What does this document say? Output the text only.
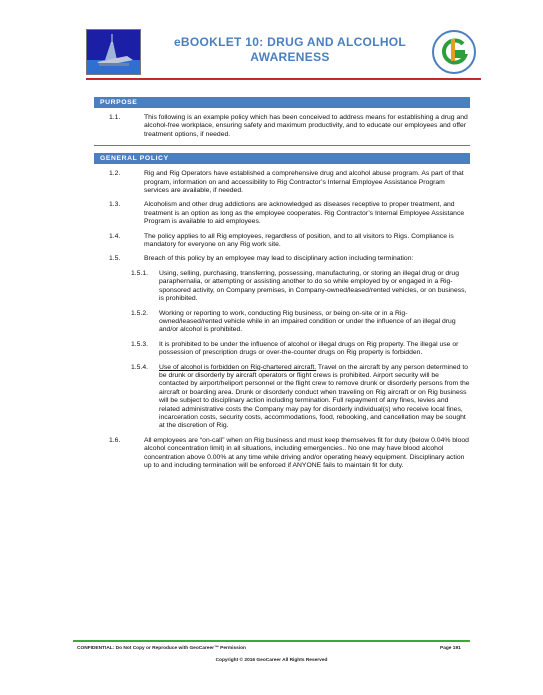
eBOOKLET 10: DRUG AND ALCOLHOL
AWARENESS
PURPOSE
1.1.	This following is an example policy which has been conceived to address means for establishing a drug and alcohol-free workplace, ensuring safety and maximum productivity, and to educate our employees and offer treatment options, if needed.
GENERAL POLICY
1.2.	Rig and Rig Operators have established a comprehensive drug and alcohol abuse program. As part of that program, information on and accessibility to Rig Contractor’s Internal Employee Assistance Program services are available, if needed.
1.3.	Alcoholism and other drug addictions are acknowledged as diseases receptive to proper treatment, and treatment is an option as long as the employee cooperates. Rig Contractor’s Internal Employee Assistance Program is available to aid employees.
1.4.	The policy applies to all Rig employees, regardless of position, and to all visitors to Rigs. Compliance is mandatory for everyone on any Rig work site.
1.5.	Breach of this policy by an employee may lead to disciplinary action including termination:
1.5.1. Using, selling, purchasing, transferring, possessing, manufacturing, or storing an illegal drug or drug paraphernalia, or attempting or assisting another to do so while employed by or engaged in a Rig-sponsored activity, on Company premises, in Company-owned/leased/rented vehicles, or on business, is prohibited.
1.5.2. Working or reporting to work, conducting Rig business, or being on-site or in a Rig-owned/leased/rented vehicle while in an impaired condition or under the influence of an illegal drug and/or alcohol is prohibited.
1.5.3. It is prohibited to be under the influence of alcohol or illegal drugs on Rig property. The illegal use or possession of prescription drugs or over-the-counter drugs on Rig property is forbidden.
1.5.4. Use of alcohol is forbidden on Rig-chartered aircraft. Travel on the aircraft by any person determined to be drunk or disorderly by aircraft operators or flight crews is prohibited. Airport security will be contacted by airport/heliport personnel or the flight crew to remove drunk or disorderly persons from the aircraft or boarding area. Drunk or disorderly conduct when traveling on Rig aircraft or on Rig business will be subject to disciplinary action including termination. Full repayment of any fines, levies and related administrative costs the Company may pay for disorderly individual(s) who receive local fines, incarceration costs, security costs, accommodations, food, rebooking, and cancellation may be sought at the discretion of Rig.
1.6.	All employees are “on-call” when on Rig business and must keep themselves fit for duty (below 0.04% blood alcohol concentration limit) in all situations, including emergencies.. No one may have blood alcohol concentration above 0.00% at any time while driving and/or operating heavy equipment. Disciplinary action up to and including termination will be enforced if ANYONE fails to maintain fit for duty.
CONFIDENTIAL: Do Not Copy or Reproduce with GeoCareer™ Permission	Page 191
Copyright © 2016 GeoCareer All Rights Reserved
